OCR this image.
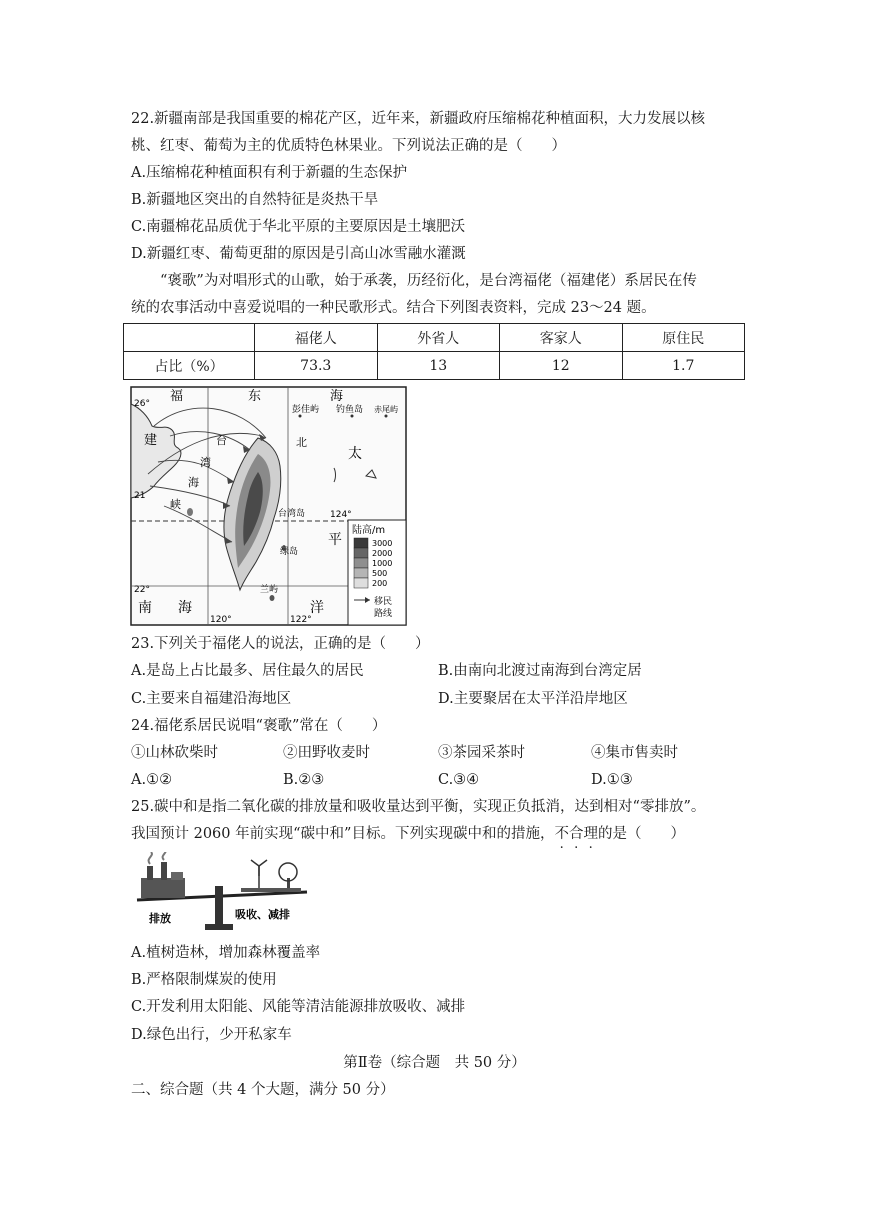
22.新疆南部是我国重要的棉花产区，近年来，新疆政府压缩棉花种植面积，大力发展以核
桃、红枣、葡萄为主的优质特色林果业。下列说法正确的是（　　）
A.压缩棉花种植面积有利于新疆的生态保护
B.新疆地区突出的自然特征是炎热干旱
C.南疆棉花品质优于华北平原的主要原因是土壤肥沃
D.新疆红枣、葡萄更甜的原因是引高山冰雪融水灌溉
“褒歌”为对唱形式的山歌，始于承袭，历经衍化，是台湾福佬（福建佬）系居民在传
统的农事活动中喜爱说唱的一种民歌形式。结合下列图表资料，完成 23～24 题。
	福佬人	外省人	客家人	原住民
占比（%）	73.3	13	12	1.7
福
建
东	海
台
湾
海
峡
北
太
平
洋
南 海
彭佳屿 钓鱼岛 赤尾屿
台湾岛
绿岛
兰屿
26°
21
22°
120°	122°
124°
陆高/m
3000
2000
1000
500
200
移民
路线
23.下列关于福佬人的说法，正确的是（　　）
A.是岛上占比最多、居住最久的居民	B.由南向北渡过南海到台湾定居
C.主要来自福建沿海地区	D.主要聚居在太平洋沿岸地区
24.福佬系居民说唱“褒歌”常在（　　）
①山林砍柴时	②田野收麦时	③茶园采茶时	④集市售卖时
A.①②	B.②③	C.③④	D.①③
25.碳中和是指二氧化碳的排放量和吸收量达到平衡，实现正负抵消，达到相对“零排放”。
我国预计 2060 年前实现“碳中和”目标。下列实现碳中和的措施，不合理的是（　　）
排放	吸收、减排
A.植树造林，增加森林覆盖率
B.严格限制煤炭的使用
C.开发利用太阳能、风能等清洁能源排放吸收、减排
D.绿色出行，少开私家车
第Ⅱ卷（综合题　共 50 分）
二、综合题（共 4 个大题，满分 50 分）
